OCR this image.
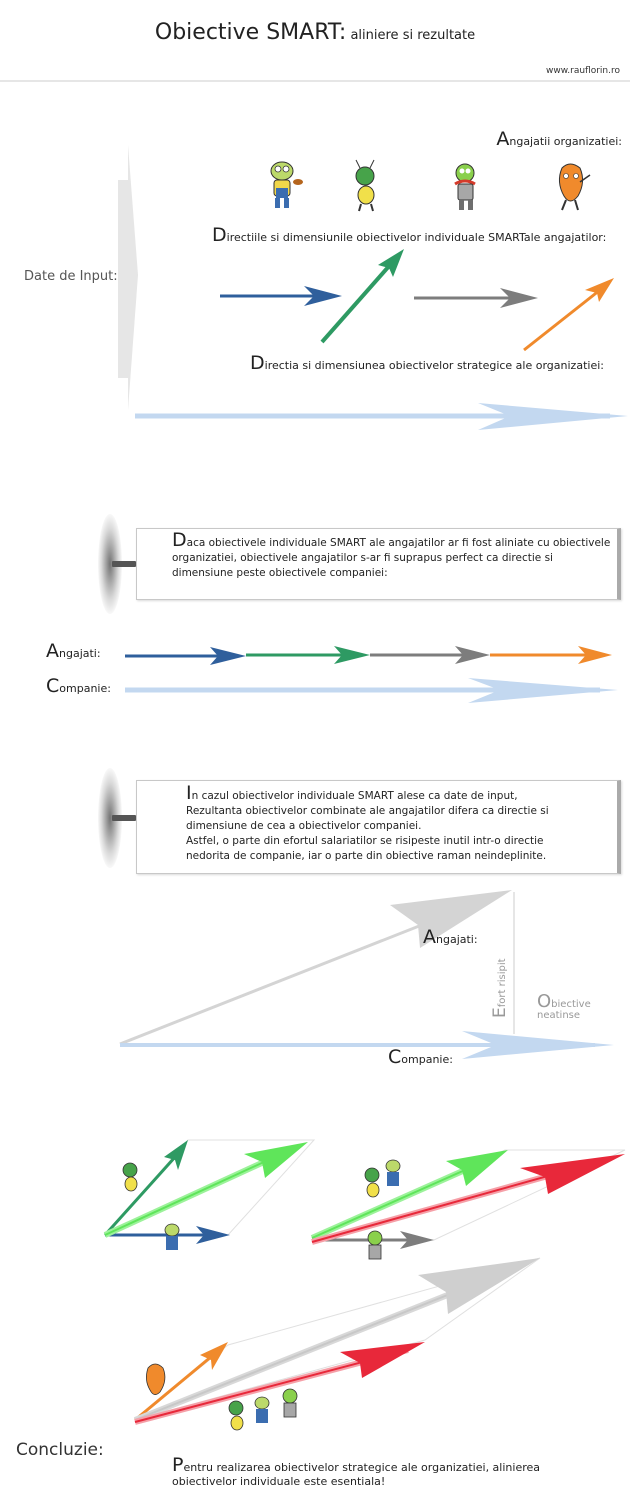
Obiective SMART: aliniere si rezultate
www.rauflorin.ro
Date de Input:
Angajatii organizatiei:
Directiile si dimensiunile obiectivelor individuale SMARTale angajatilor:
Directia si dimensiunea obiectivelor strategice ale organizatiei:
Daca obiectivele individuale SMART ale angajatilor ar fi fost aliniate cu obiectivele organizatiei, obiectivele angajatilor s-ar fi suprapus perfect ca directie si dimensiune peste obiectivele companiei:
Angajati:
Companie:
In cazul obiectivelor individuale SMART alese ca date de input,
Rezultanta obiectivelor combinate ale angajatilor difera ca directie si
dimensiune de cea a obiectivelor companiei.
Astfel, o parte din efortul salariatilor se risipeste inutil intr-o directie
nedorita de companie, iar o parte din obiective raman neindeplinite.
Angajati:
Companie:
Efort risipit Obiective
neatinse
Concluzie:
Pentru realizarea obiectivelor strategice ale organizatiei, alinierea
obiectivelor individuale este esentiala!
